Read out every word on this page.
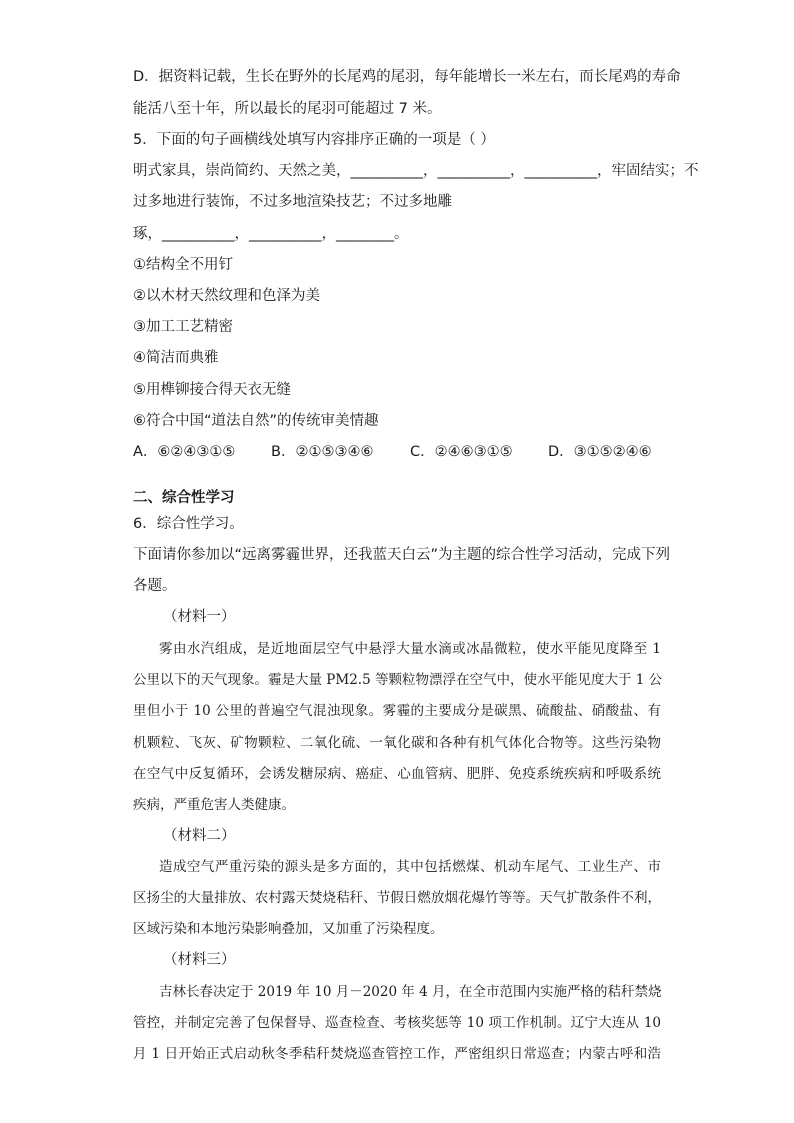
D．据资料记载，生长在野外的长尾鸡的尾羽，每年能增长一米左右，而长尾鸡的寿命
能活八至十年，所以最长的尾羽可能超过 7 米。
5．下面的句子画横线处填写内容排序正确的一项是（ ）
明式家具，崇尚简约、天然之美，__________，__________，__________，牢固结实；不
过多地进行装饰，不过多地渲染技艺；不过多地雕
琢，__________，__________，________。
①结构全不用钉
②以木材天然纹理和色泽为美
③加工工艺精密
④简洁而典雅
⑤用榫铆接合得天衣无缝
⑥符合中国“道法自然”的传统审美情趣
A．⑥②④③①⑤ B．②①⑤③④⑥	C．②④⑥③①⑤ D．③①⑤②④⑥
二、综合性学习
6．综合性学习。
下面请你参加以“远离雾霾世界，还我蓝天白云”为主题的综合性学习活动，完成下列
各题。
（材料一）
雾由水汽组成，是近地面层空气中悬浮大量水滴或冰晶微粒，使水平能见度降至 1
公里以下的天气现象。霾是大量 PM2.5 等颗粒物漂浮在空气中，使水平能见度大于 1 公
里但小于 10 公里的普遍空气混浊现象。雾霾的主要成分是碳黑、硫酸盐、硝酸盐、有
机颗粒、飞灰、矿物颗粒、二氧化硫、一氧化碳和各种有机气体化合物等。这些污染物
在空气中反复循环，会诱发糖尿病、癌症、心血管病、肥胖、免疫系统疾病和呼吸系统
疾病，严重危害人类健康。
（材料二）
造成空气严重污染的源头是多方面的，其中包括燃煤、机动车尾气、工业生产、市
区扬尘的大量排放、农村露天焚烧秸秆、节假日燃放烟花爆竹等等。天气扩散条件不利，
区域污染和本地污染影响叠加，又加重了污染程度。
（材料三）
吉林长春决定于 2019 年 10 月－2020 年 4 月，在全市范围内实施严格的秸秆禁烧
管控，并制定完善了包保督导、巡查检查、考核奖惩等 10 项工作机制。辽宁大连从 10
月 1 日开始正式启动秋冬季秸秆焚烧巡查管控工作，严密组织日常巡查；内蒙古呼和浩
